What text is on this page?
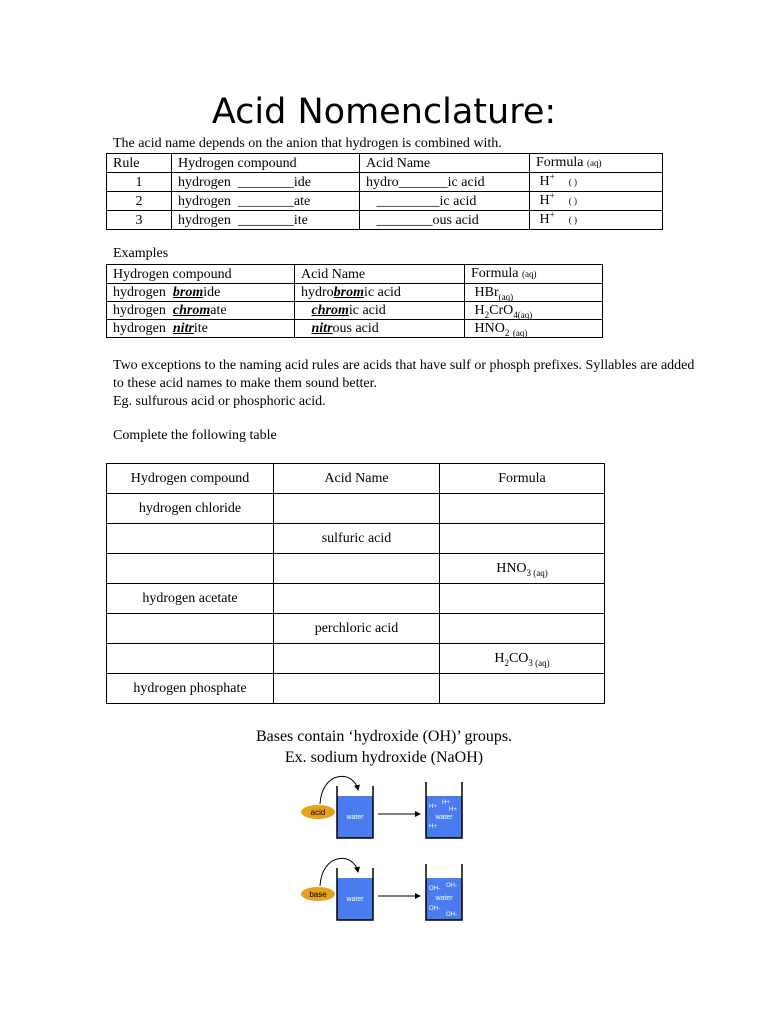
Acid Nomenclature:
The acid name depends on the anion that hydrogen is combined with.
Rule	Hydrogen compound	Acid Name	Formula (aq)
1	hydrogen  ________ide	hydro_______ic acid	H+    ( )
2	hydrogen  ________ate	_________ic acid	H+    ( )
3	hydrogen  ________ite	________ous acid	H+    ( )
Examples
Hydrogen compound	Acid Name	Formula (aq)
hydrogen  bromide	hydrobromic acid	HBr$_{(aq)}$
hydrogen  chromate	chromic acid	$H_2CrO_{4(aq)}$
hydrogen  nitrite	nitrous acid	$HNO_2$ $_{(aq)}$
Two exceptions to the naming acid rules are acids that have sulf or phosph prefixes. Syllables are added to these acid names to make them sound better.
Eg. sulfurous acid or phosphoric acid.
Complete the following table
Hydrogen compound	Acid Name	Formula
hydrogen chloride		
	sulfuric acid	
		$HNO_3$ $_{(aq)}$
hydrogen acetate		
	perchloric acid	
		$H_2CO_{3 (aq)}$
hydrogen phosphate		
Bases contain ‘hydroxide (OH)’ groups.
Ex. sodium hydroxide (NaOH)
acid
water
H+
H+
H+
water
H+
base
water
OH- OH-
water
OH-
OH-
